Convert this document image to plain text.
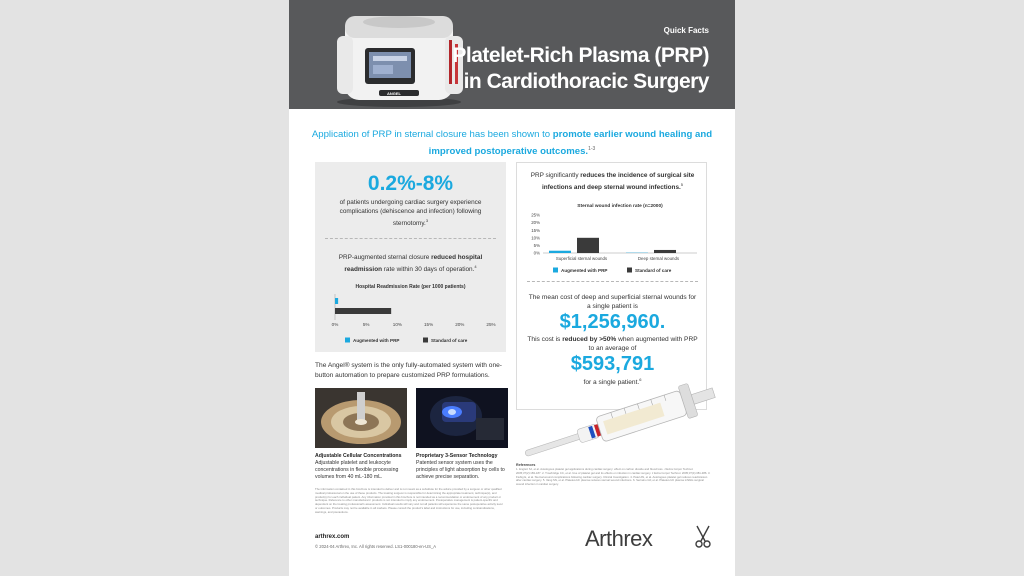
ANGEL
Quick Facts
Platelet-Rich Plasma (PRP)
in Cardiothoracic Surgery
Application of PRP in sternal closure has been shown to promote earlier wound healing and improved postoperative outcomes.$^{1-3}$
0.2%-8%
of patients undergoing cardiac surgery experience complications (dehiscence and infection) following sternotomy.$^3$
PRP-augmented sternal closure reduced hospital readmission rate within 30 days of operation.$^4$
Hospital Readmission Rate (per 1000 patients)
0%	5%	10%	15%	20%	25%
Augmented with PRP	Standard of care
PRP significantly reduces the incidence of surgical site infections and deep sternal wound infections.$^5$
Sternal wound infection rate (n=2000)
25%
20%
15%
10%
5%
0%
Superficial sternal wounds	Deep sternal wounds
Augmented with PRP	Standard of care
The mean cost of deep and superficial sternal wounds for a single patient is
$1,256,960.
This cost is reduced by >50% when augmented with PRP to an average of
$593,791
for a single patient.$^6$
The Angel® system is the only fully-automated system with one-button automation to prepare customized PRP formulations.
Adjustable Cellular Concentrations
Adjustable platelet and leukocyte concentrations in flexible processing volumes from 40 mL-180 mL.
Proprietary 3-Sensor Technology
Patented sensor system uses the principles of light absorption by cells to achieve precise separation.
The information contained in this brochure is intended to deliver and is not meant as a substitute for the advice provided by a surgeon or other qualified medical professional on the use of these products. The treating surgeon is responsible for determining the appropriate treatment, technique(s), and product(s) for each individual patient. Any information provided in this brochure is not intended as a recommendation or endorsement of any product or technique. Reference to other manufacturers' products is not intended to imply any endorsement. Postoperative management is patient-specific and dependent on the treating professional's assessment. Individual results will vary and not all patients will experience the same postoperative activity level or outcomes. Products may not be available in all markets. Please consult the product's label and instructions for use, including contraindications, warnings, and precautions.
arthrex.com
© 2024-04 Arthrex, Inc. All rights reserved. LS1-000180-en-US_A
References
1. Englert SJ, et al. Autologous platelet gel applications during cardiac surgery: effect on carbon dioxide and blood loss. J Extra Corpor Technol. 2005;37(2):183-187. 2. Trowbridge CC, et al. Use of platelet gel and its effects on infection in cardiac surgery. J Extra Corpor Technol. 2005;37(4):381-386. 3. Fiebig E, et al. Sternal wound complications following cardiac surgery. Clinical Investigation. 4. Patel AN, et al. Autologous platelet gel reduces readmission after cardiac surgery. 5. Vang SN, et al. Platelet-rich plasma reduces sternal wound infections. 6. Serraino GF, et al. Platelet-rich plasma inhibits surgical wound infection in cardiac surgery.
Arthrex
